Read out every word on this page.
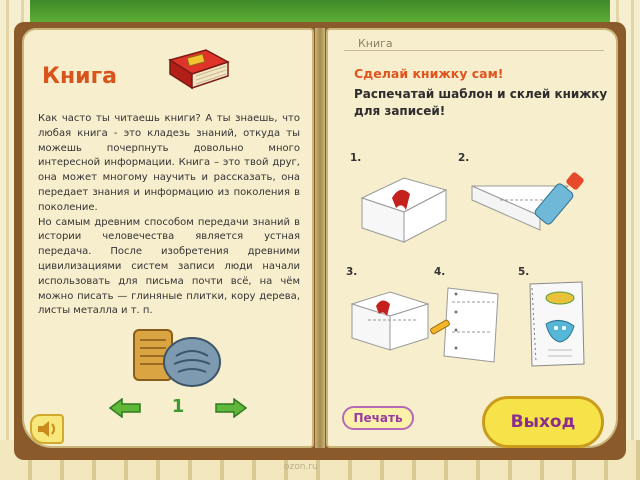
Книга
Как часто ты читаешь книги? А ты знаешь, что любая книга - это кладезь знаний, откуда ты можешь почерпнуть довольно много интересной информации. Книга – это твой друг, она может многому научить и рассказать, она передает знания и информацию из поколения в поколение.
Но самым древним способом передачи знаний в истории человечества является устная передача. После изобретения древними цивилизациями систем записи люди начали использовать для письма почти всё, на чём можно писать — глиняные плитки, кору дерева, листы металла и т. п.
1
Книга
Сделай книжку сам!
Распечатай шаблон и склей книжку для записей!
1.	2.
3.	4.	5.
Печать	Выход
ozon.ru
